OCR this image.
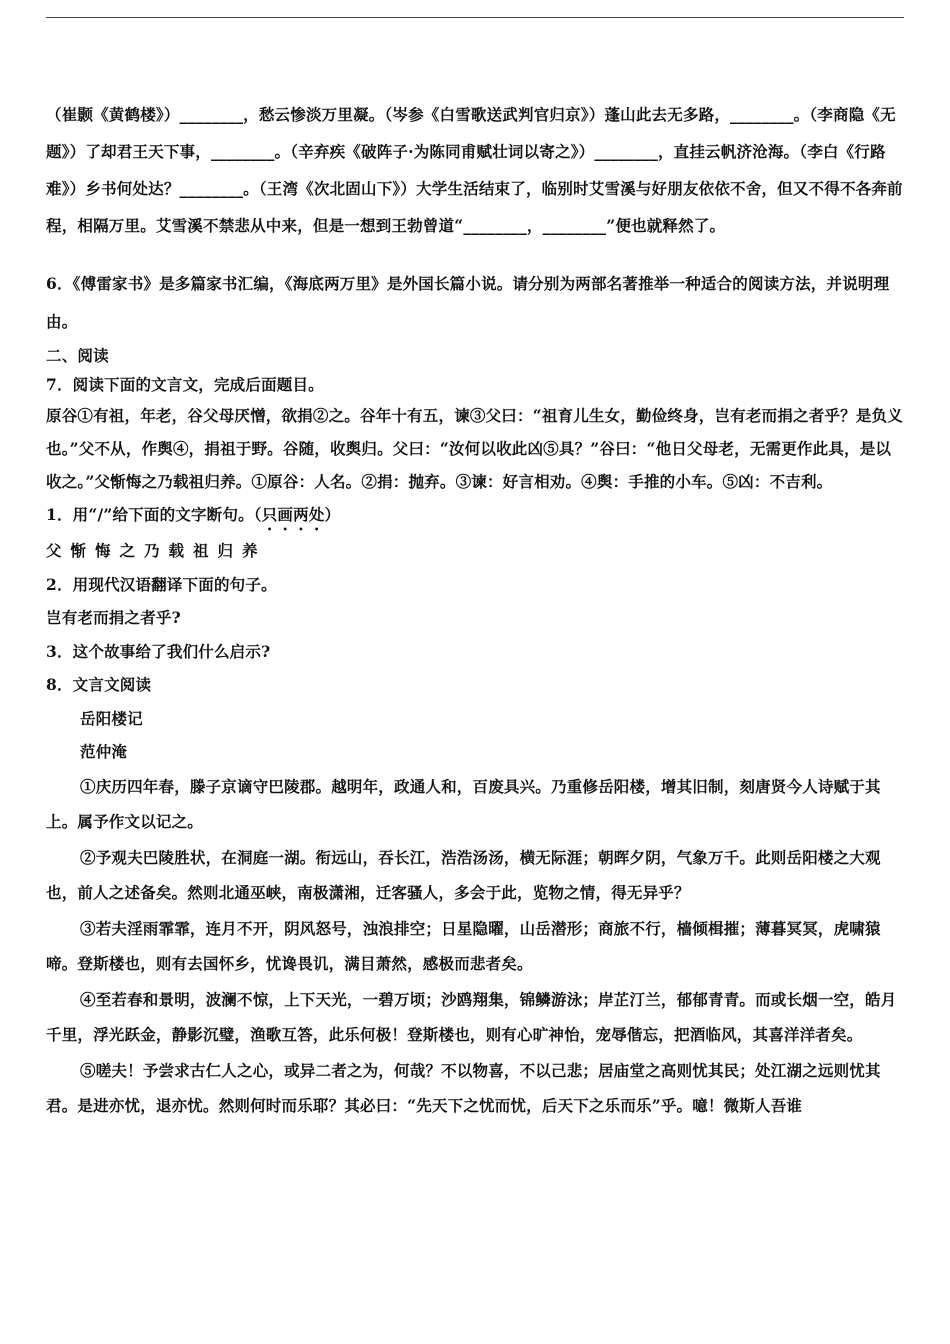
（崔颢《黄鹤楼》）________，愁云惨淡万里凝。（岑参《白雪歌送武判官归京》）蓬山此去无多路，________。（李商隐《无题》）了却君王天下事，________。（辛弃疾《破阵子·为陈同甫赋壮词以寄之》）________，直挂云帆济沧海。（李白《行路难》）乡书何处达？________。（王湾《次北固山下》）大学生活结束了，临别时艾雪溪与好朋友依依不舍，但又不得不各奔前程，相隔万里。艾雪溪不禁悲从中来，但是一想到王勃曾道“________，________”便也就释然了。

6．《傅雷家书》是多篇家书汇编，《海底两万里》是外国长篇小说。请分别为两部名著推举一种适合的阅读方法，并说明理由。

二、阅读

7．阅读下面的文言文，完成后面题目。

原谷①有祖，年老，谷父母厌憎，欲捐②之。谷年十有五，谏③父曰：“祖育儿生女，勤俭终身，岂有老而捐之者乎？是负义也。”父不从，作舆④，捐祖于野。谷随，收舆归。父曰：“汝何以收此凶⑤具？”谷曰：“他日父母老，无需更作此具，是以收之。”父惭悔之乃载祖归养。①原谷：人名。②捐：抛弃。③谏：好言相劝。④舆：手推的小车。⑤凶：不吉利。

1．用“/”给下面的文字断句。（只画两处）

父惭悔之乃载祖归养

2．用现代汉语翻译下面的句子。

岂有老而捐之者乎?

3．这个故事给了我们什么启示?

8．文言文阅读

岳阳楼记

范仲淹

①庆历四年春，滕子京谪守巴陵郡。越明年，政通人和，百废具兴。乃重修岳阳楼，增其旧制，刻唐贤今人诗赋于其上。属予作文以记之。

②予观夫巴陵胜状，在洞庭一湖。衔远山，吞长江，浩浩汤汤，横无际涯；朝晖夕阴，气象万千。此则岳阳楼之大观也，前人之述备矣。然则北通巫峡，南极潇湘，迁客骚人，多会于此，览物之情，得无异乎？

③若夫淫雨霏霏，连月不开，阴风怒号，浊浪排空；日星隐曜，山岳潜形；商旅不行，樯倾楫摧；薄暮冥冥，虎啸猿啼。登斯楼也，则有去国怀乡，忧谗畏讥，满目萧然，感极而悲者矣。

④至若春和景明，波澜不惊，上下天光，一碧万顷；沙鸥翔集，锦鳞游泳；岸芷汀兰，郁郁青青。而或长烟一空，皓月千里，浮光跃金，静影沉璧，渔歌互答，此乐何极！登斯楼也，则有心旷神怡，宠辱偕忘，把酒临风，其喜洋洋者矣。

⑤嗟夫！予尝求古仁人之心，或异二者之为，何哉？不以物喜，不以己悲；居庙堂之高则忧其民；处江湖之远则忧其君。是进亦忧，退亦忧。然则何时而乐耶？其必曰：“先天下之忧而忧，后天下之乐而乐”乎。噫！微斯人吾谁
